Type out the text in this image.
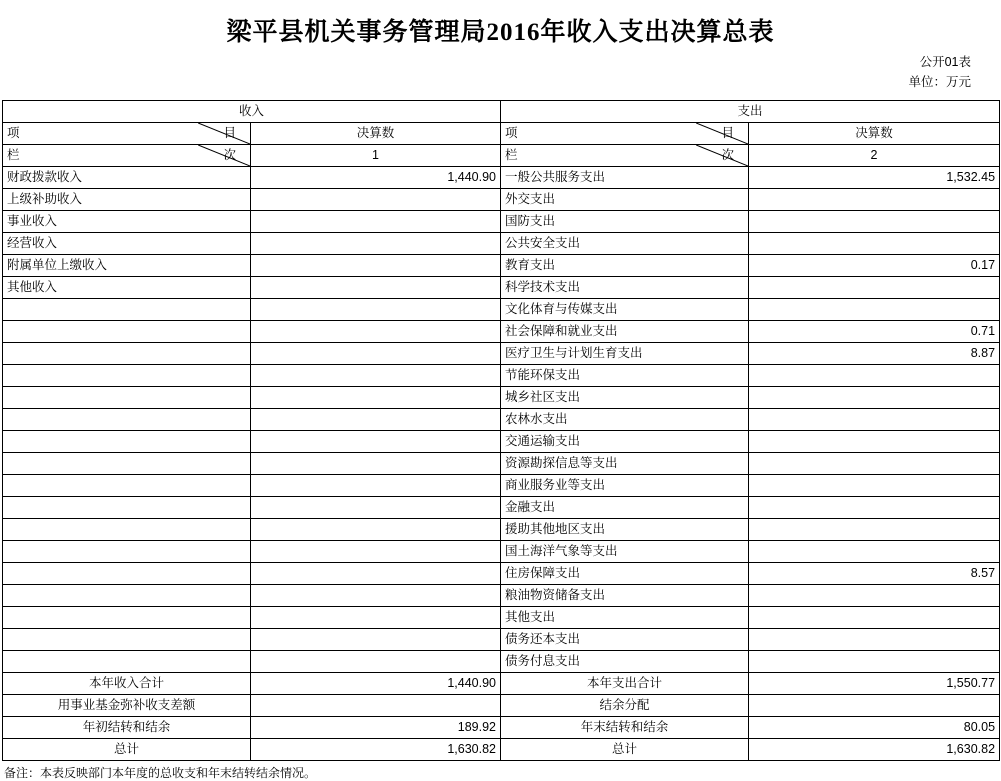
梁平县机关事务管理局2016年收入支出决算总表
公开01表
单位：万元
收入		支出	

项 目	决算数	项 目	决算数

栏 次	1	栏 次	2
财政拨款收入	1,440.90	一般公共服务支出	1,532.45
上级补助收入		外交支出	
事业收入		国防支出	
经营收入		公共安全支出	
附属单位上缴收入		教育支出	0.17
其他收入		科学技术支出	
		文化体育与传媒支出	
		社会保障和就业支出	0.71
		医疗卫生与计划生育支出	8.87
		节能环保支出	
		城乡社区支出	
		农林水支出	
		交通运输支出	
		资源勘探信息等支出	
		商业服务业等支出	
		金融支出	
		援助其他地区支出	
		国土海洋气象等支出	
		住房保障支出	8.57
		粮油物资储备支出	
		其他支出	
		债务还本支出	
		债务付息支出	
本年收入合计	1,440.90	本年支出合计	1,550.77
用事业基金弥补收支差额		结余分配	
年初结转和结余	189.92	年末结转和结余	80.05
总计	1,630.82	总计	1,630.82
备注：本表反映部门本年度的总收支和年末结转结余情况。
